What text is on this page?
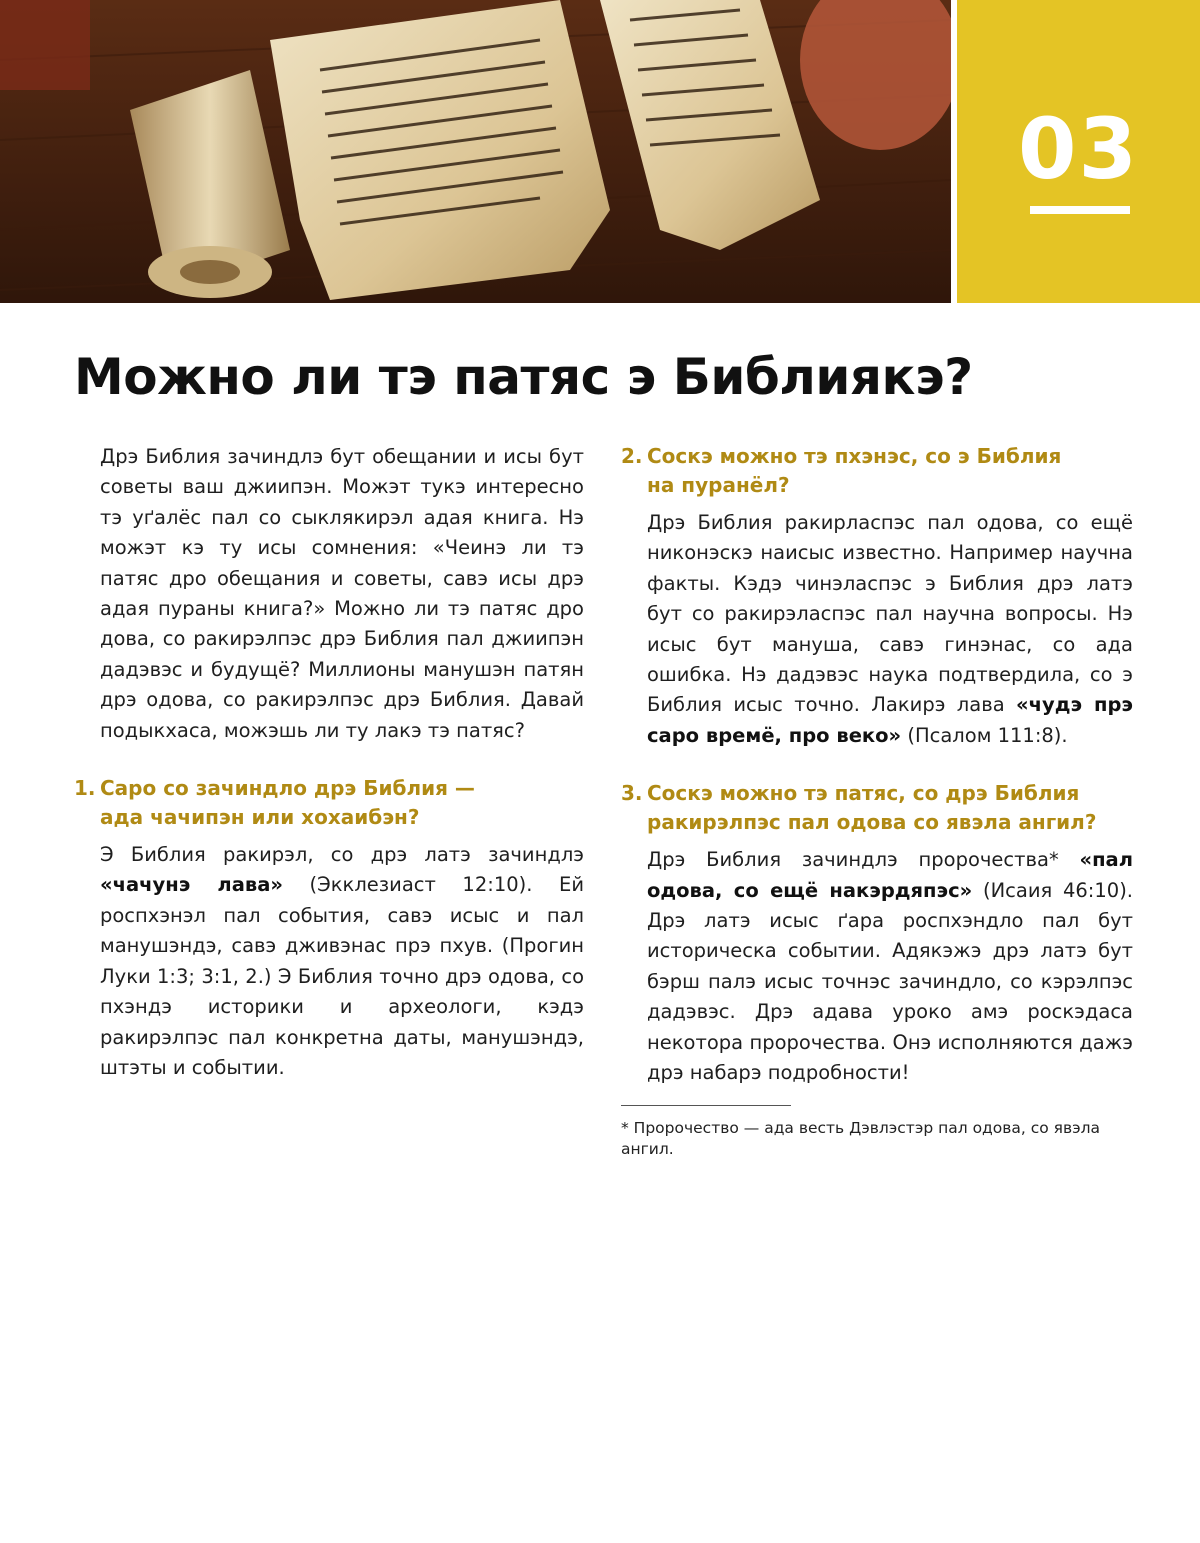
03
Можно ли тэ патяс э Библиякэ?

Дрэ Библия зачиндлэ бут обещании и исы бут советы ваш джиипэн. Можэт тукэ интересно тэ уґалёс пал со сыклякирэл адая книга. Нэ можэт кэ ту исы сомнения: «Чеинэ ли тэ патяс дро обещания и советы, савэ исы дрэ адая пураны книга?» Можно ли тэ патяс дро дова, со ракирэлпэс дрэ Библия пал джиипэн дадэвэс и будущё? Миллионы манушэн патян дрэ одова, со ракирэлпэс дрэ Библия. Давай подыкхаса, можэшь ли ту лакэ тэ патяс?

1. Саро со зачиндло дрэ Библия —
ада чачипэн или хохаибэн?

Э Библия ракирэл, со дрэ латэ зачиндлэ «чачунэ лава» (Экклезиаст 12:10). Ей роспхэнэл пал события, савэ исыс и пал манушэндэ, савэ дживэнас прэ пхув. (Прогин Луки 1:3; 3:1, 2.) Э Библия точно дрэ одова, со пхэндэ историки и археологи, кэдэ ракирэлпэс пал конкретна даты, манушэндэ, штэты и событии.

2. Соскэ можно тэ пхэнэс, со э Библия
на пуранёл?

Дрэ Библия ракирласпэс пал одова, со ещё никонэскэ наисыс известно. Например научна факты. Кэдэ чинэласпэс э Библия дрэ латэ бут со ракирэласпэс пал научна вопросы. Нэ исыс бут мануша, савэ гинэнас, со ада ошибка. Нэ дадэвэс наука подтвердила, со э Библия исыс точно. Лакирэ лава «чудэ прэ саро времё, про веко» (Псалом 111:8).

3. Соскэ можно тэ патяс, со дрэ Библия
ракирэлпэс пал одова со явэла ангил?

Дрэ Библия зачиндлэ пророчества* «пал одова, со ещё накэрдяпэс» (Исаия 46:10). Дрэ латэ исыс ґара роспхэндло пал бут историческа событии. Адякэжэ дрэ латэ бут бэрш палэ исыс точнэс зачиндло, со кэрэлпэс дадэвэс. Дрэ адава уроко амэ роскэдаса некотора пророчества. Онэ исполняются дажэ дрэ набарэ подробности!

* Пророчество — ада весть Дэвлэстэр пал одова, со явэла ангил.
